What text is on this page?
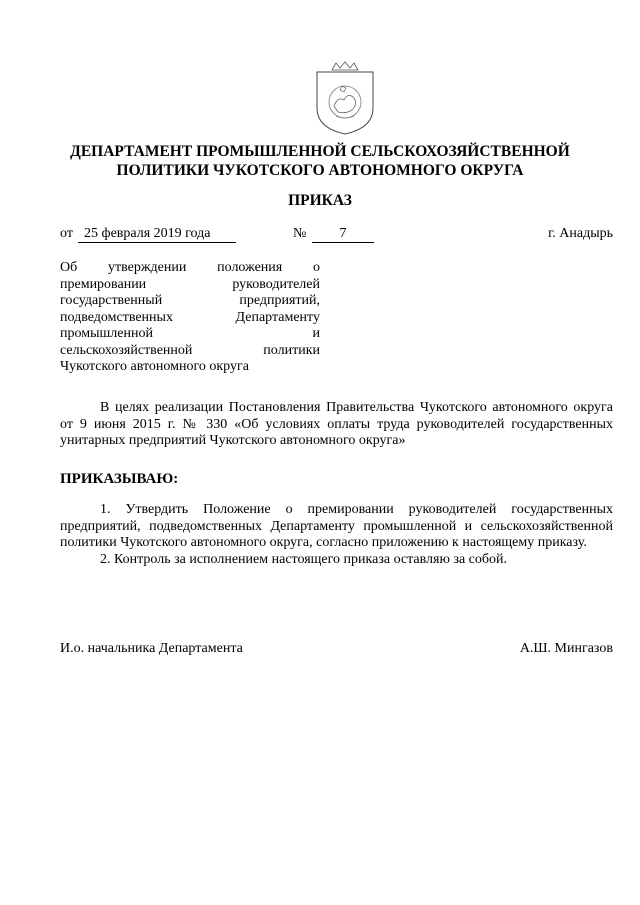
ДЕПАРТАМЕНТ ПРОМЫШЛЕННОЙ СЕЛЬСКОХОЗЯЙСТВЕННОЙ
ПОЛИТИКИ ЧУКОТСКОГО АВТОНОМНОГО ОКРУГА
ПРИКАЗ
от 25 февраля 2019 года	№	7	г. Анадырь
Об утверждении положения о
премировании руководителей
государственный предприятий,
подведомственных Департаменту
промышленной и
сельскохозяйственной политики
Чукотского автономного округа
В целях реализации Постановления Правительства Чукотского автономного округа от 9 июня 2015 г. № 330 «Об условиях оплаты труда руководителей государственных унитарных предприятий Чукотского автономного округа»
ПРИКАЗЫВАЮ:

1. Утвердить Положение о премировании руководителей государственных предприятий, подведомственных Департаменту промышленной и сельскохозяйственной политики Чукотского автономного округа, согласно приложению к настоящему приказу.

2. Контроль за исполнением настоящего приказа оставляю за собой.

И.о. начальника Департамента	А.Ш. Мингазов
